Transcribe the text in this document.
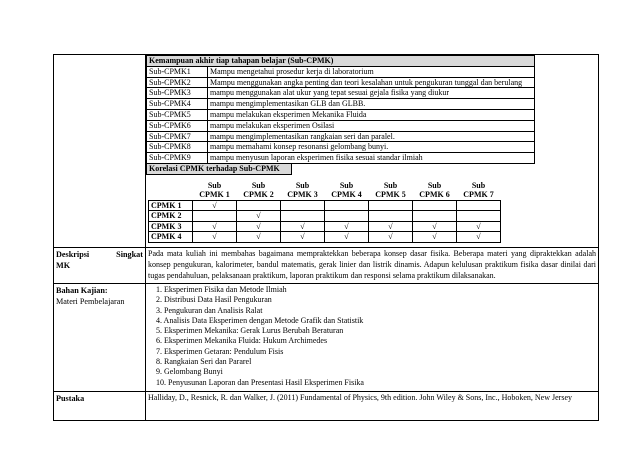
Kemampuan akhir tiap tahapan belajar (Sub-CPMK)
Sub-CPMK1	Mampu mengetahui prosedur kerja di laboratorium
Sub-CPMK2	Mampu menggunakan angka penting dan teori kesalahan untuk pengukuran tunggal dan berulang
Sub-CPMK3	mampu menggunakan alat ukur yang tepat sesuai gejala fisika yang diukur
Sub-CPMK4	mampu mengimplementasikan GLB dan GLBB.
Sub-CPMK5	mampu melakukan eksperimen Mekanika Fluida
Sub-CPMK6	mampu melakukan eksperimen Osilasi
Sub-CPMK7	mampu mengimplementasikan rangkaian seri dan paralel.
Sub-CPMK8	mampu memahami konsep resonansi gelombang bunyi.
Sub-CPMK9	mampu menyusun laporan eksperimen fisika sesuai standar ilmiah
Korelasi CPMK terhadap Sub-CPMK
	Sub	Sub	Sub	Sub	Sub	Sub	Sub
	CPMK 1	CPMK 2	CPMK 3	CPMK 4	CPMK 5	CPMK 6	CPMK 7
CPMK 1	√						
CPMK 2		√					
CPMK 3	√	√	√	√	√	√	√
CPMK 4	√	√	√	√	√	√	√

Deskripsi	Singkat
MK
	Pada mata kuliah ini membahas bagaimana mempraktekkan beberapa konsep dasar fisika. Beberapa materi yang dipraktekkan adalah konsep pengukuran, kalorimeter, bandul matematis, gerak linier dan listrik dinamis. Adapun kelulusan praktikum fisika dasar dinilai dari tugas pendahuluan, pelaksanaan praktikum, laporan praktikum dan responsi selama praktikum dilaksanakan.

Bahan Kajian:
Materi Pembelajaran

1. Eksperimen Fisika dan Metode Ilmiah
2. Distribusi Data Hasil Pengukuran
3. Pengukuran dan Analisis Ralat
4. Analisis Data Eksperimen dengan Metode Grafik dan Statistik
5. Eksperimen Mekanika: Gerak Lurus Berubah Beraturan
6. Eksperimen Mekanika Fluida: Hukum Archimedes
7. Eksperimen Getaran: Pendulum Fisis
8. Rangkaian Seri dan Pararel
9. Gelombang Bunyi
10. Penyusunan Laporan dan Presentasi Hasil Eksperimen Fisika

Pustaka	Halliday, D., Resnick, R. dan Walker, J. (2011) Fundamental of Physics, 9th edition. John Wiley & Sons, Inc., Hoboken, New Jersey
